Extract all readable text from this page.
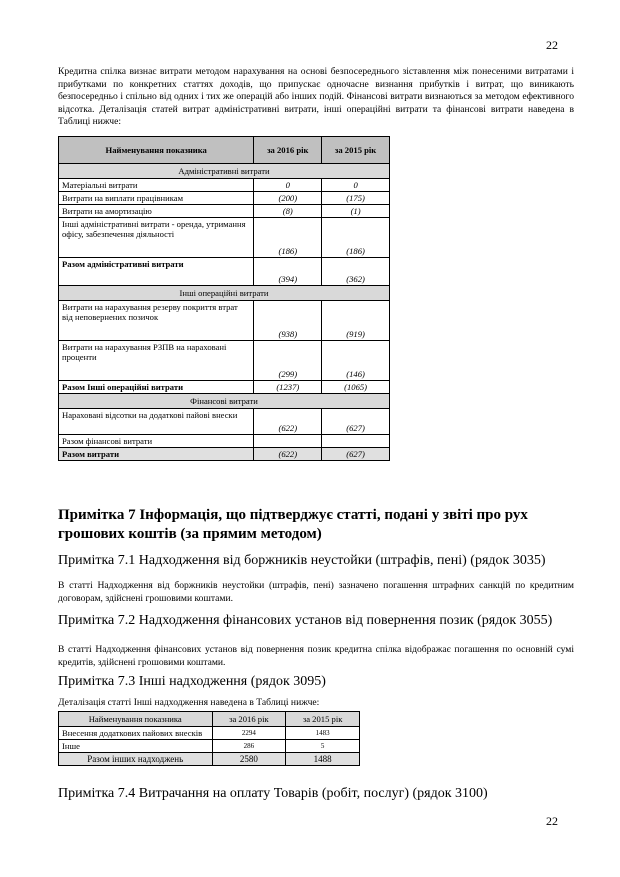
22

Кредитна спілка визнає витрати методом нарахування на основі безпосереднього зіставлення між понесеними витратами і прибутками по конкретних статтях доходів, що припускає одночасне визнання прибутків і витрат, що виникають безпосередньо і спільно від одних і тих же операцій або інших подій. Фінансові витрати визнаються за методом ефективного відсотка. Деталізація статей витрат адміністративні витрати, інші операційні витрати та фінансові витрати наведена в Таблиці нижче:

Найменування показника	за 2016 рік	за 2015 рік
Адміністративні витрати		
Матеріальні витрати	0	0
Витрати на виплати працівникам	(200)	(175)
Витрати на амортизацію	(8)	(1)
Інші адміністративні витрати - оренда, утримання офісу, забезпечення діяльності	(186)	(186)
Разом адміністративні витрати	(394)	(362)
Інші операційні витрати		
Витрати на нарахування резерву покриття втрат від неповернених позичок	(938)	(919)
Витрати на нарахування РЗПВ на нараховані проценти	(299)	(146)
Разом Інші операційні витрати	(1237)	(1065)
Фінансові витрати		
Нараховані відсотки на додаткові пайові внески	(622)	(627)
Разом фінансові витрати		
Разом витрати	(622)	(627)
Примітка 7 Інформація, що підтверджує статті, подані у звіті про рух грошових коштів (за прямим методом)
Примітка 7.1 Надходження від боржників неустойки (штрафів, пені) (рядок 3035)

В статті Надходження від боржників неустойки (штрафів, пені) зазначено погашення штрафних санкцій по кредитним договорам, здійснені грошовими коштами.

Примітка 7.2 Надходження фінансових установ від повернення позик (рядок 3055)

В статті Надходження фінансових установ від повернення позик кредитна спілка відображає погашення по основній сумі кредитів, здійснені грошовими коштами.

Примітка 7.3 Інші надходження (рядок 3095)

Деталізація статті Інші надходження наведена в Таблиці нижче:

Найменування показника	за 2016 рік	за 2015 рік
Внесення додаткових пайових внесків	2294	1483
Інше	286	5
Разом інших надходжень	2580	1488
Примітка 7.4 Витрачання на оплату Товарів (робіт, послуг) (рядок 3100)
22
